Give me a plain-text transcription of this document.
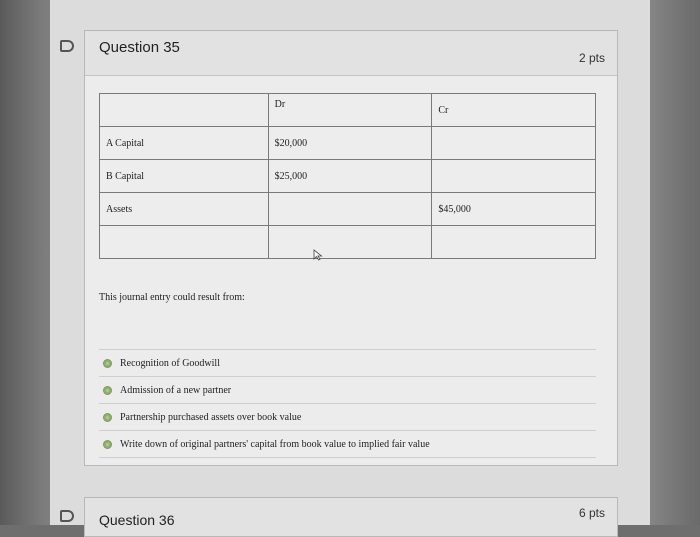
Question 35
2 pts
	Dr	Cr
A Capital	$20,000	
B Capital	$25,000	
Assets		$45,000

This journal entry could result from:
Recognition of Goodwill
Admission of a new partner
Partnership purchased assets over book value
Write down of original partners' capital from book value to implied fair value
Question 36	6 pts
